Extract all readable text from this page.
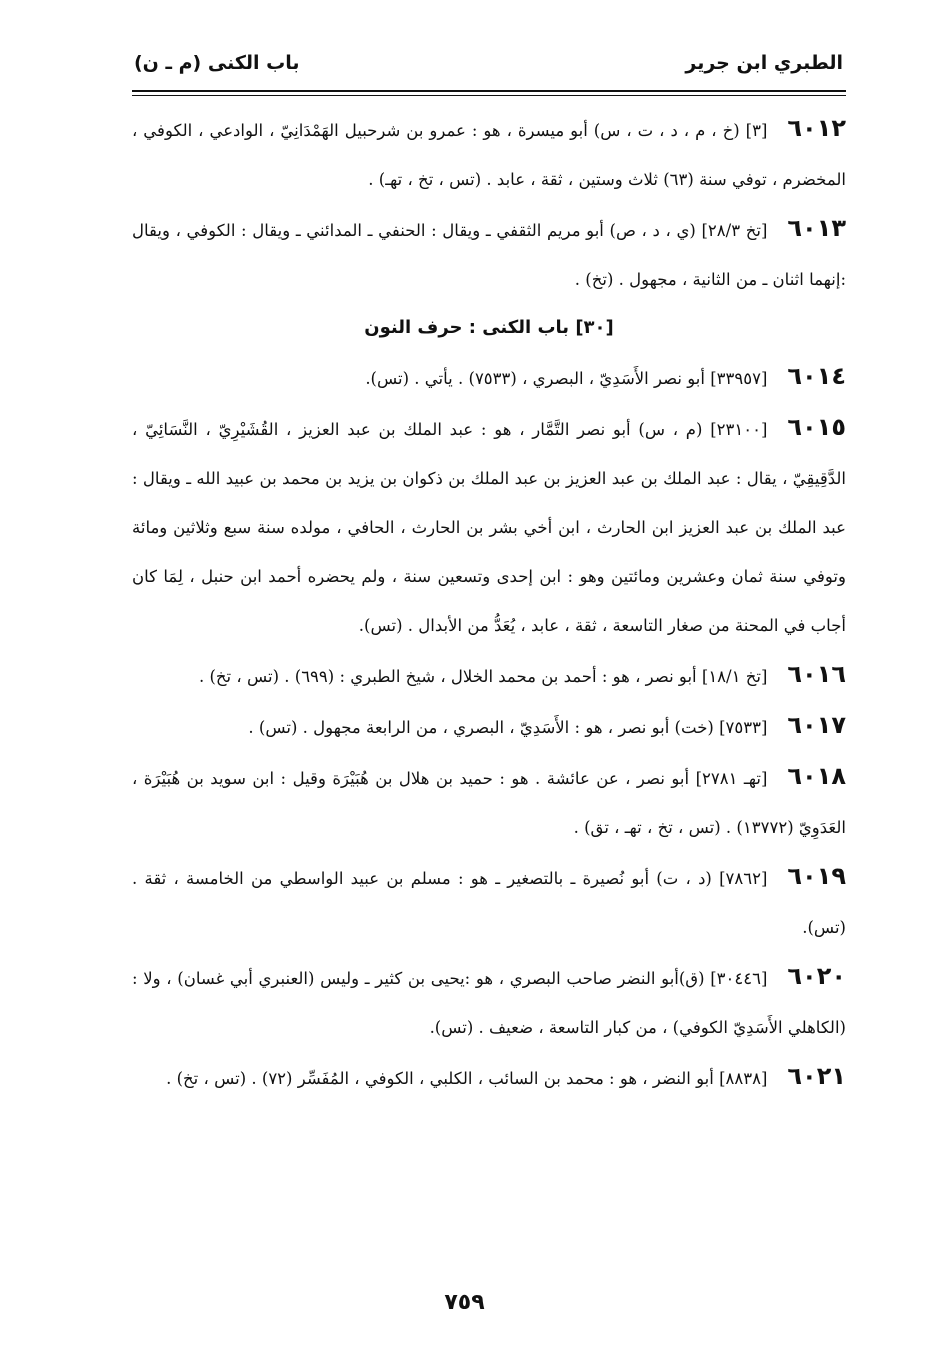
الطبري ابن جرير
باب الكنى (م ـ ن)

٦٠١٢[٣] (خ ، م ، د ، ت ، س) أبو ميسرة ، هو : عمرو بن شرحبيل الهَمْدَانِيّ ، الوادعي ، الكوفي ، المخضرم ، توفي سنة (٦٣) ثلاث وستين ، ثقة ، عابد . (تس ، تخ ، تهـ) .

٦٠١٣[تخ ٢٨/٣] (ي ، د ، ص) أبو مريم الثقفي ـ ويقال : الحنفي ـ المدائني ـ ويقال : الكوفي ، ويقال :إنهما اثنان ـ من الثانية ، مجهول . (تخ) .

[٣٠] باب الكنى : حرف النون

٦٠١٤[٣٣٩٥٧] أبو نصر الأَسَدِيّ ، البصري ، (٧٥٣٣) . يأتي . (تس).

٦٠١٥[٢٣١٠٠] (م ، س) أبو نصر التَّمَّار ، هو : عبد الملك بن عبد العزيز ، القُشَيْرِيّ ، النَّسَائِيّ ، الدَّقِيقِيّ ، يقال : عبد الملك بن عبد العزيز بن عبد الملك بن ذكوان بن يزيد بن محمد بن عبيد الله ـ ويقال : عبد الملك بن عبد العزيز ابن الحارث ، ابن أخي بشر بن الحارث ، الحافي ، مولده سنة سبع وثلاثين ومائة وتوفي سنة ثمان وعشرين ومائتين وهو : ابن إحدى وتسعين سنة ، ولم يحضره أحمد ابن حنبل ، لِمَا كان أجاب في المحنة من صغار التاسعة ، ثقة ، عابد ، يُعَدُّ من الأبدال . (تس).

٦٠١٦[تخ ١٨/١] أبو نصر ، هو : أحمد بن محمد الخلال ، شيخ الطبري : (٦٩٩) . (تس ، تخ) .

٦٠١٧[٧٥٣٣] (خت) أبو نصر ، هو : الأَسَدِيّ ، البصري ، من الرابعة مجهول . (تس) .

٦٠١٨[تهـ ٢٧٨١] أبو نصر ، عن عائشة . هو : حميد بن هلال بن هُبَيْرَة وقيل : ابن سويد بن هُبَيْرَة ، العَدَوِيّ (١٣٧٧٢) . (تس ، تخ ، تهـ ، تق) .

٦٠١٩[٧٨٦٢] (د ، ت) أبو نُصيرة ـ بالتصغير ـ هو : مسلم بن عبيد الواسطي من الخامسة ، ثقة . (تس).

٦٠٢٠[٣٠٤٤٦] (ق)أبو النضر صاحب البصري ، هو :يحيى بن كثير ـ وليس (العنبري أبي غسان) ، ولا : (الكاهلي الأَسَدِيّ الكوفي) ، من كبار التاسعة ، ضعيف . (تس).

٦٠٢١[٨٨٣٨] أبو النضر ، هو : محمد بن السائب ، الكلبي ، الكوفي ، المُفَسِّر (٧٢) . (تس ، تخ) .

٧٥٩
